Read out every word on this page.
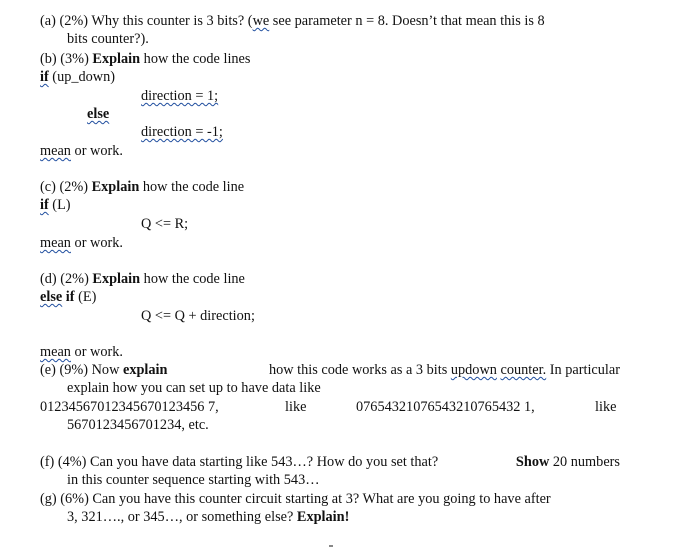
(a) (2%) Why this counter is 3 bits? (we see parameter n = 8. Doesn’t that mean this is 8
bits counter?).
(b) (3%) Explain how the code lines
if (up_down)
direction = 1;
else
direction = -1;
mean or work.
(c) (2%) Explain how the code line
if (L)
Q <= R;
mean or work.
(d) (2%) Explain how the code line
else if (E)
Q <= Q + direction;
mean or work.
(e) (9%) Now explain	how this code works as a 3 bits updown counter. In particular
explain how you can set up to have data like
01234567012345670123456 7,	like	07654321076543210765432 1,	like
5670123456701234, etc.
(f) (4%) Can you have data starting like 543…? How do you set that?	Show 20 numbers
in this counter sequence starting with 543…
(g) (6%) Can you have this counter circuit starting at 3? What are you going to have after
3, 321…., or 345…, or something else? Explain!
